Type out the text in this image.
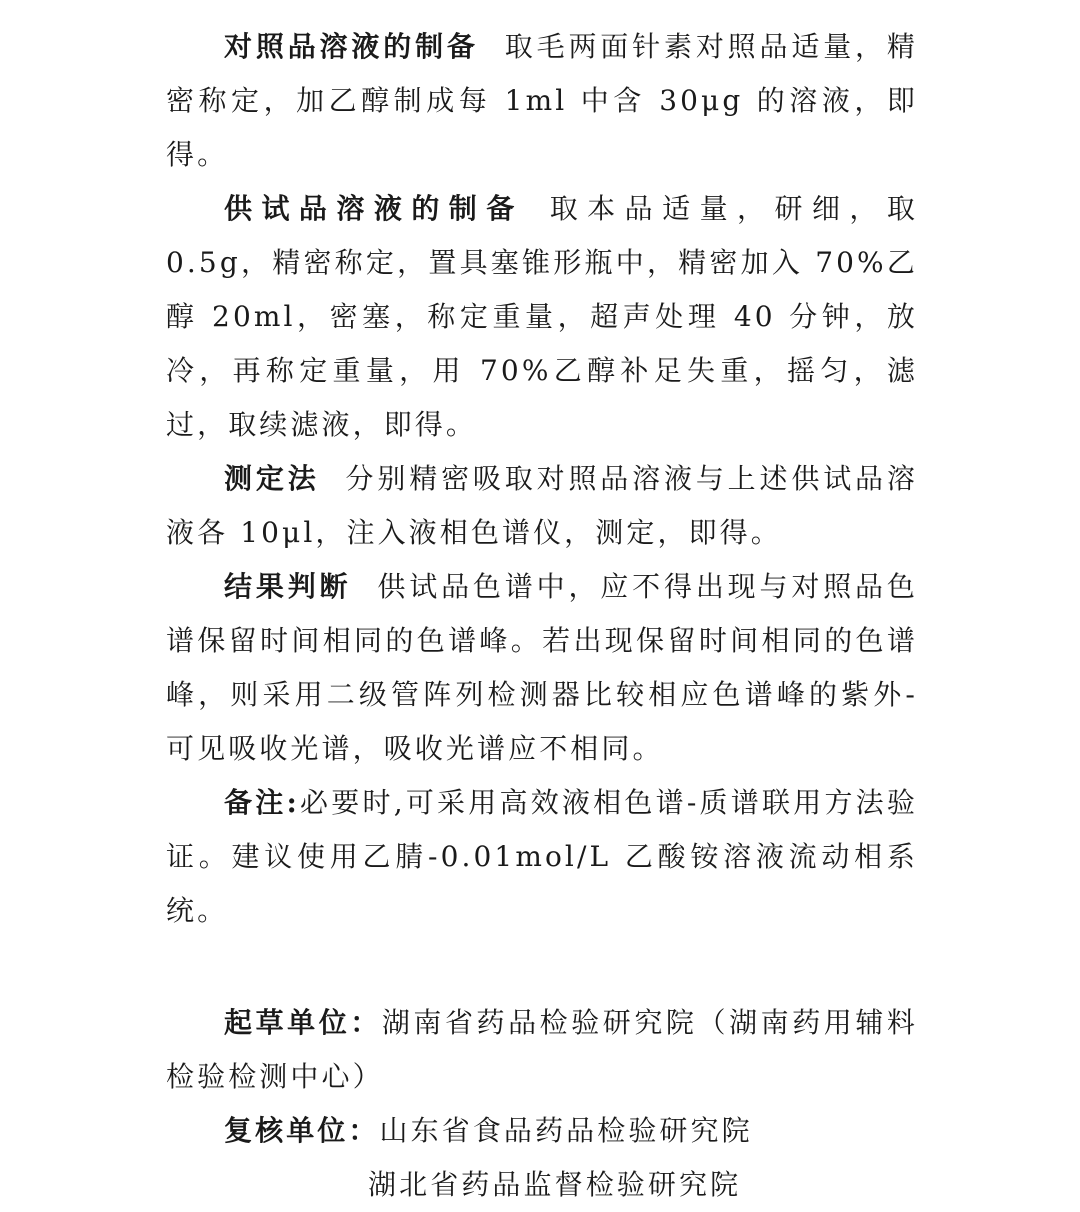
对照品溶液的制备 取毛两面针素对照品适量，精密称定，加乙醇制成每 1ml 中含 30μg 的溶液，即得。

供试品溶液的制备 取本品适量，研细，取 0.5g，精密称定，置具塞锥形瓶中，精密加入 70%乙醇 20ml，密塞，称定重量，超声处理 40 分钟，放冷，再称定重量，用 70%乙醇补足失重，摇匀，滤过，取续滤液，即得。

测定法 分别精密吸取对照品溶液与上述供试品溶液各 10μl，注入液相色谱仪，测定，即得。

结果判断 供试品色谱中，应不得出现与对照品色谱保留时间相同的色谱峰。若出现保留时间相同的色谱峰，则采用二级管阵列检测器比较相应色谱峰的紫外-可见吸收光谱，吸收光谱应不相同。

备注:必要时,可采用高效液相色谱-质谱联用方法验证。建议使用乙腈-0.01mol/L 乙酸铵溶液流动相系统。

起草单位：湖南省药品检验研究院（湖南药用辅料检验检测中心）

复核单位：山东省食品药品检验研究院

湖北省药品监督检验研究院
